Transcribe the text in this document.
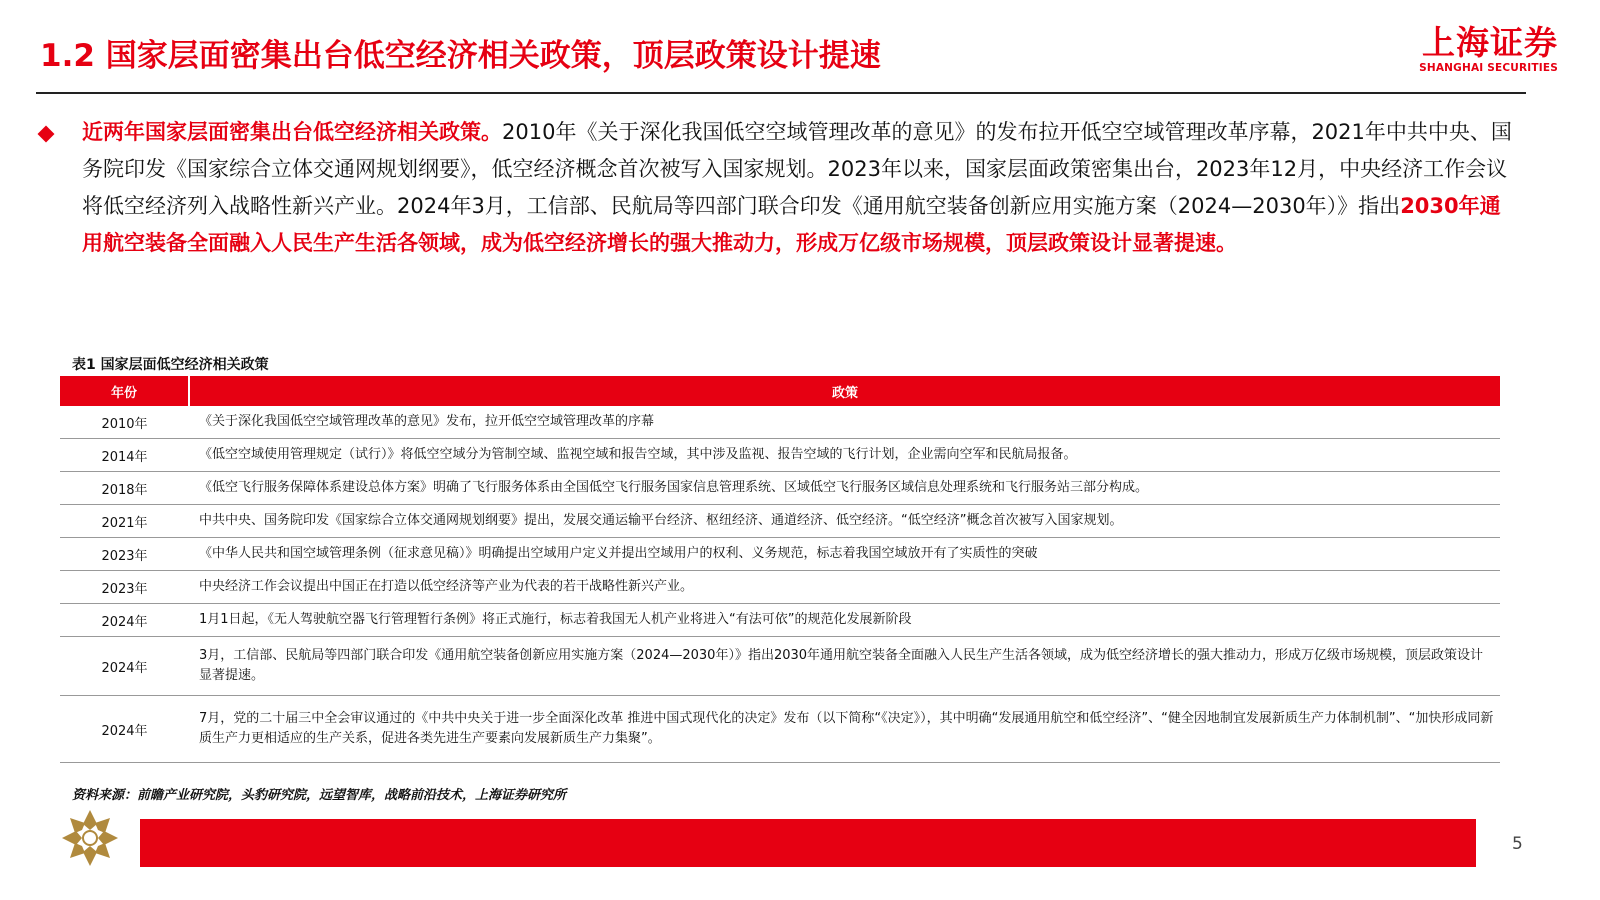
1.2 国家层面密集出台低空经济相关政策，顶层政策设计提速	上海证券
SHANGHAI SECURITIES
近两年国家层面密集出台低空经济相关政策。2010年《关于深化我国低空空域管理改革的意见》的发布拉开低空空域管理改革序幕，2021年中共中央、国务院印发《国家综合立体交通网规划纲要》，低空经济概念首次被写入国家规划。2023年以来，国家层面政策密集出台，2023年12月，中央经济工作会议将低空经济列入战略性新兴产业。2024年3月，工信部、民航局等四部门联合印发《通用航空装备创新应用实施方案（2024—2030年）》指出2030年通用航空装备全面融入人民生产生活各领域，成为低空经济增长的强大推动力，形成万亿级市场规模，顶层政策设计显著提速。
表1 国家层面低空经济相关政策
年份	政策
2010年	《关于深化我国低空空域管理改革的意见》发布，拉开低空空域管理改革的序幕
2014年	《低空空域使用管理规定（试行）》将低空空域分为管制空域、监视空域和报告空域，其中涉及监视、报告空域的飞行计划，企业需向空军和民航局报备。
2018年	《低空飞行服务保障体系建设总体方案》明确了飞行服务体系由全国低空飞行服务国家信息管理系统、区域低空飞行服务区域信息处理系统和飞行服务站三部分构成。
2021年	中共中央、国务院印发《国家综合立体交通网规划纲要》提出，发展交通运输平台经济、枢纽经济、通道经济、低空经济。“低空经济”概念首次被写入国家规划。
2023年	《中华人民共和国空域管理条例（征求意见稿）》明确提出空域用户定义并提出空域用户的权利、义务规范，标志着我国空域放开有了实质性的突破
2023年	中央经济工作会议提出中国正在打造以低空经济等产业为代表的若干战略性新兴产业。
2024年	1月1日起，《无人驾驶航空器飞行管理暂行条例》将正式施行，标志着我国无人机产业将进入“有法可依”的规范化发展新阶段
2024年	3月，工信部、民航局等四部门联合印发《通用航空装备创新应用实施方案（2024—2030年）》指出2030年通用航空装备全面融入人民生产生活各领域，成为低空经济增长的强大推动力，形成万亿级市场规模，顶层政策设计显著提速。
2024年	7月，党的二十届三中全会审议通过的《中共中央关于进一步全面深化改革 推进中国式现代化的决定》发布（以下简称“《决定》），其中明确“发展通用航空和低空经济”、“健全因地制宜发展新质生产力体制机制”、“加快形成同新质生产力更相适应的生产关系，促进各类先进生产要素向发展新质生产力集聚”。
资料来源：前瞻产业研究院，头豹研究院，远望智库，战略前沿技术，上海证券研究所
5
